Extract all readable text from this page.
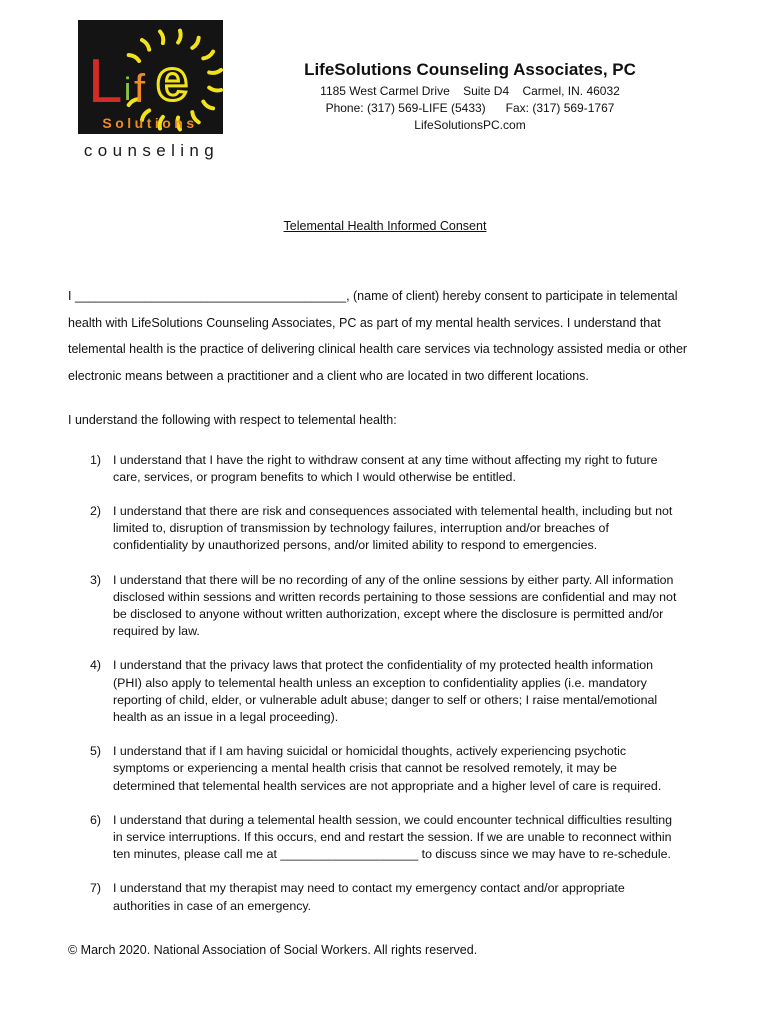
e
L i f
Solutions
counseling
LifeSolutions Counseling Associates, PC
1185 West Carmel Drive    Suite D4    Carmel, IN. 46032
Phone: (317) 569-LIFE (5433)      Fax: (317) 569-1767
LifeSolutionsPC.com
Telemental Health Informed Consent
I _______________________________________, (name of client) hereby consent to participate in telemental
health with LifeSolutions Counseling Associates, PC as part of my mental health services. I understand that
telemental health is the practice of delivering clinical health care services via technology assisted media or other
electronic means between a practitioner and a client who are located in two different locations.
I understand the following with respect to telemental health:
1) I understand that I have the right to withdraw consent at any time without affecting my right to future
care, services, or program benefits to which I would otherwise be entitled.
2) I understand that there are risk and consequences associated with telemental health, including but not
limited to, disruption of transmission by technology failures, interruption and/or breaches of
confidentiality by unauthorized persons, and/or limited ability to respond to emergencies.
3) I understand that there will be no recording of any of the online sessions by either party. All information
disclosed within sessions and written records pertaining to those sessions are confidential and may not
be disclosed to anyone without written authorization, except where the disclosure is permitted and/or
required by law.
4) I understand that the privacy laws that protect the confidentiality of my protected health information
(PHI) also apply to telemental health unless an exception to confidentiality applies (i.e. mandatory
reporting of child, elder, or vulnerable adult abuse; danger to self or others; I raise mental/emotional
health as an issue in a legal proceeding).
5) I understand that if I am having suicidal or homicidal thoughts, actively experiencing psychotic
symptoms or experiencing a mental health crisis that cannot be resolved remotely, it may be
determined that telemental health services are not appropriate and a higher level of care is required.
6) I understand that during a telemental health session, we could encounter technical difficulties resulting
in service interruptions. If this occurs, end and restart the session. If we are unable to reconnect within
ten minutes, please call me at ____________________ to discuss since we may have to re-schedule.
7) I understand that my therapist may need to contact my emergency contact and/or appropriate
authorities in case of an emergency.
© March 2020. National Association of Social Workers. All rights reserved.
